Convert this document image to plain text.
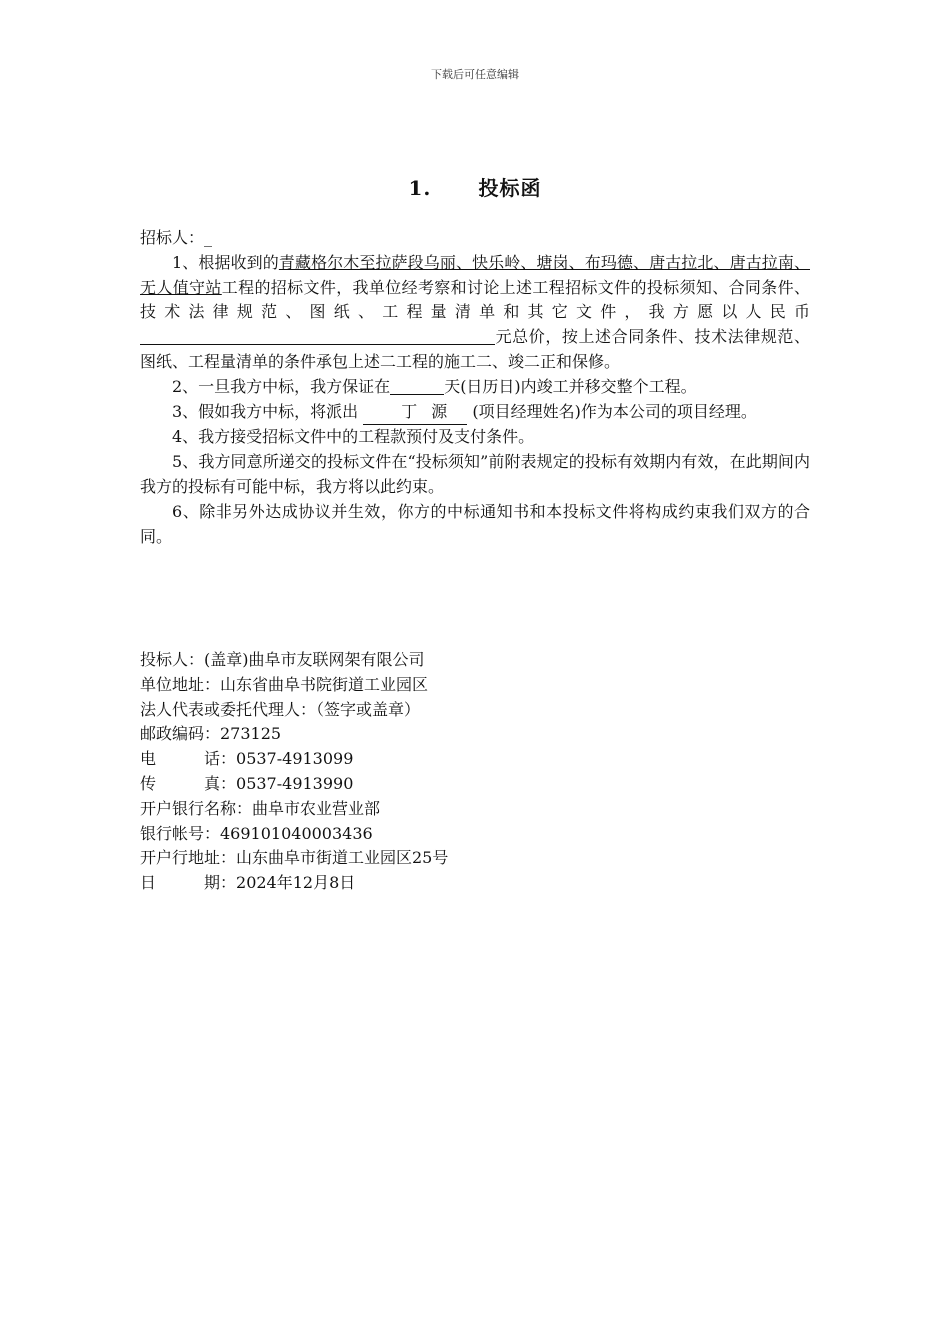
下载后可任意编辑
1. 投标函

招标人：_

1、根据收到的青藏格尔木至拉萨段乌丽、快乐岭、塘岗、布玛德、唐古拉北、唐古拉南、无人值守站工程的招标文件，我单位经考察和讨论上述工程招标文件的投标须知、合同条件、技术法律规范、图纸、工程量清单和其它文件，我方愿以人民币元总价，按上述合同条件、技术法律规范、图纸、工程量清单的条件承包上述二工程的施工二、竣二正和保修。

2、一旦我方中标，我方保证在	天(日历日)内竣工并移交整个工程。

3、假如我方中标，将派出	丁源 (项目经理姓名)作为本公司的项目经理。

4、我方接受招标文件中的工程款预付及支付条件。

5、我方同意所递交的投标文件在“投标须知”前附表规定的投标有效期内有效，在此期间内我方的投标有可能中标，我方将以此约束。

6、除非另外达成协议并生效，你方的中标通知书和本投标文件将构成约束我们双方的合同。

投标人：(盖章)曲阜市友联网架有限公司
单位地址：山东省曲阜书院街道工业园区
法人代表或委托代理人：（签字或盖章）
邮政编码：273125
电	话：0537-4913099
传	真：0537-4913990
开户银行名称：曲阜市农业营业部
银行帐号：469101040003436
开户行地址：山东曲阜市街道工业园区25号
日	期：2024年12月8日
